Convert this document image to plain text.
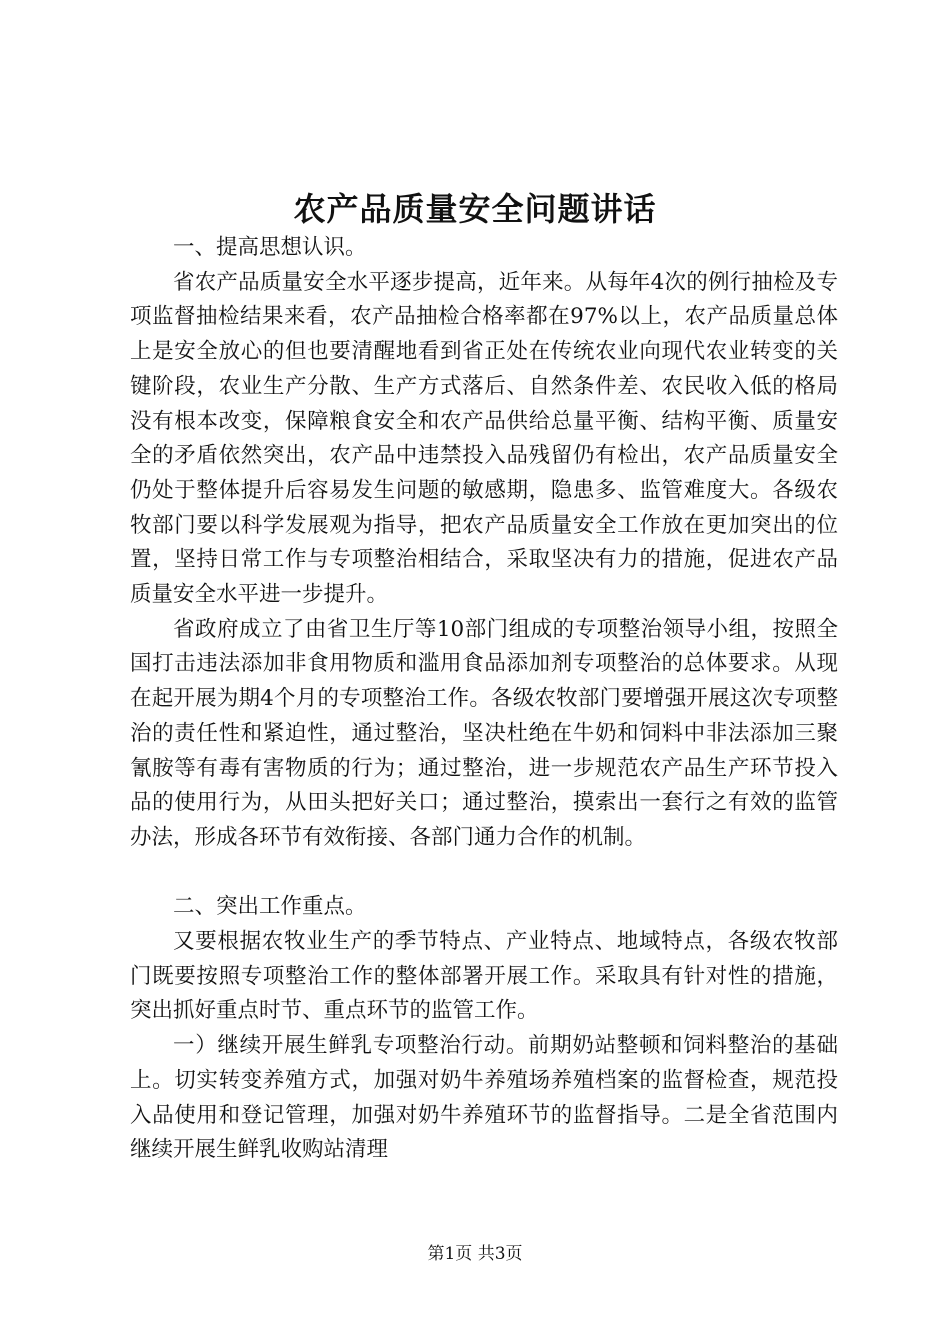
农产品质量安全问题讲话

一、提高思想认识。

省农产品质量安全水平逐步提高，近年来。从每年4次的例行抽检及专项监督抽检结果来看，农产品抽检合格率都在97%以上，农产品质量总体上是安全放心的但也要清醒地看到省正处在传统农业向现代农业转变的关键阶段，农业生产分散、生产方式落后、自然条件差、农民收入低的格局没有根本改变，保障粮食安全和农产品供给总量平衡、结构平衡、质量安全的矛盾依然突出，农产品中违禁投入品残留仍有检出，农产品质量安全仍处于整体提升后容易发生问题的敏感期，隐患多、监管难度大。各级农牧部门要以科学发展观为指导，把农产品质量安全工作放在更加突出的位置，坚持日常工作与专项整治相结合，采取坚决有力的措施，促进农产品质量安全水平进一步提升。

省政府成立了由省卫生厅等10部门组成的专项整治领导小组，按照全国打击违法添加非食用物质和滥用食品添加剂专项整治的总体要求。从现在起开展为期4个月的专项整治工作。各级农牧部门要增强开展这次专项整治的责任性和紧迫性，通过整治，坚决杜绝在牛奶和饲料中非法添加三聚氰胺等有毒有害物质的行为；通过整治，进一步规范农产品生产环节投入品的使用行为，从田头把好关口；通过整治，摸索出一套行之有效的监管办法，形成各环节有效衔接、各部门通力合作的机制。

二、突出工作重点。

又要根据农牧业生产的季节特点、产业特点、地域特点，各级农牧部门既要按照专项整治工作的整体部署开展工作。采取具有针对性的措施，突出抓好重点时节、重点环节的监管工作。

一）继续开展生鲜乳专项整治行动。前期奶站整顿和饲料整治的基础上。切实转变养殖方式，加强对奶牛养殖场养殖档案的监督检查，规范投入品使用和登记管理，加强对奶牛养殖环节的监督指导。二是全省范围内继续开展生鲜乳收购站清理

第1页 共3页
